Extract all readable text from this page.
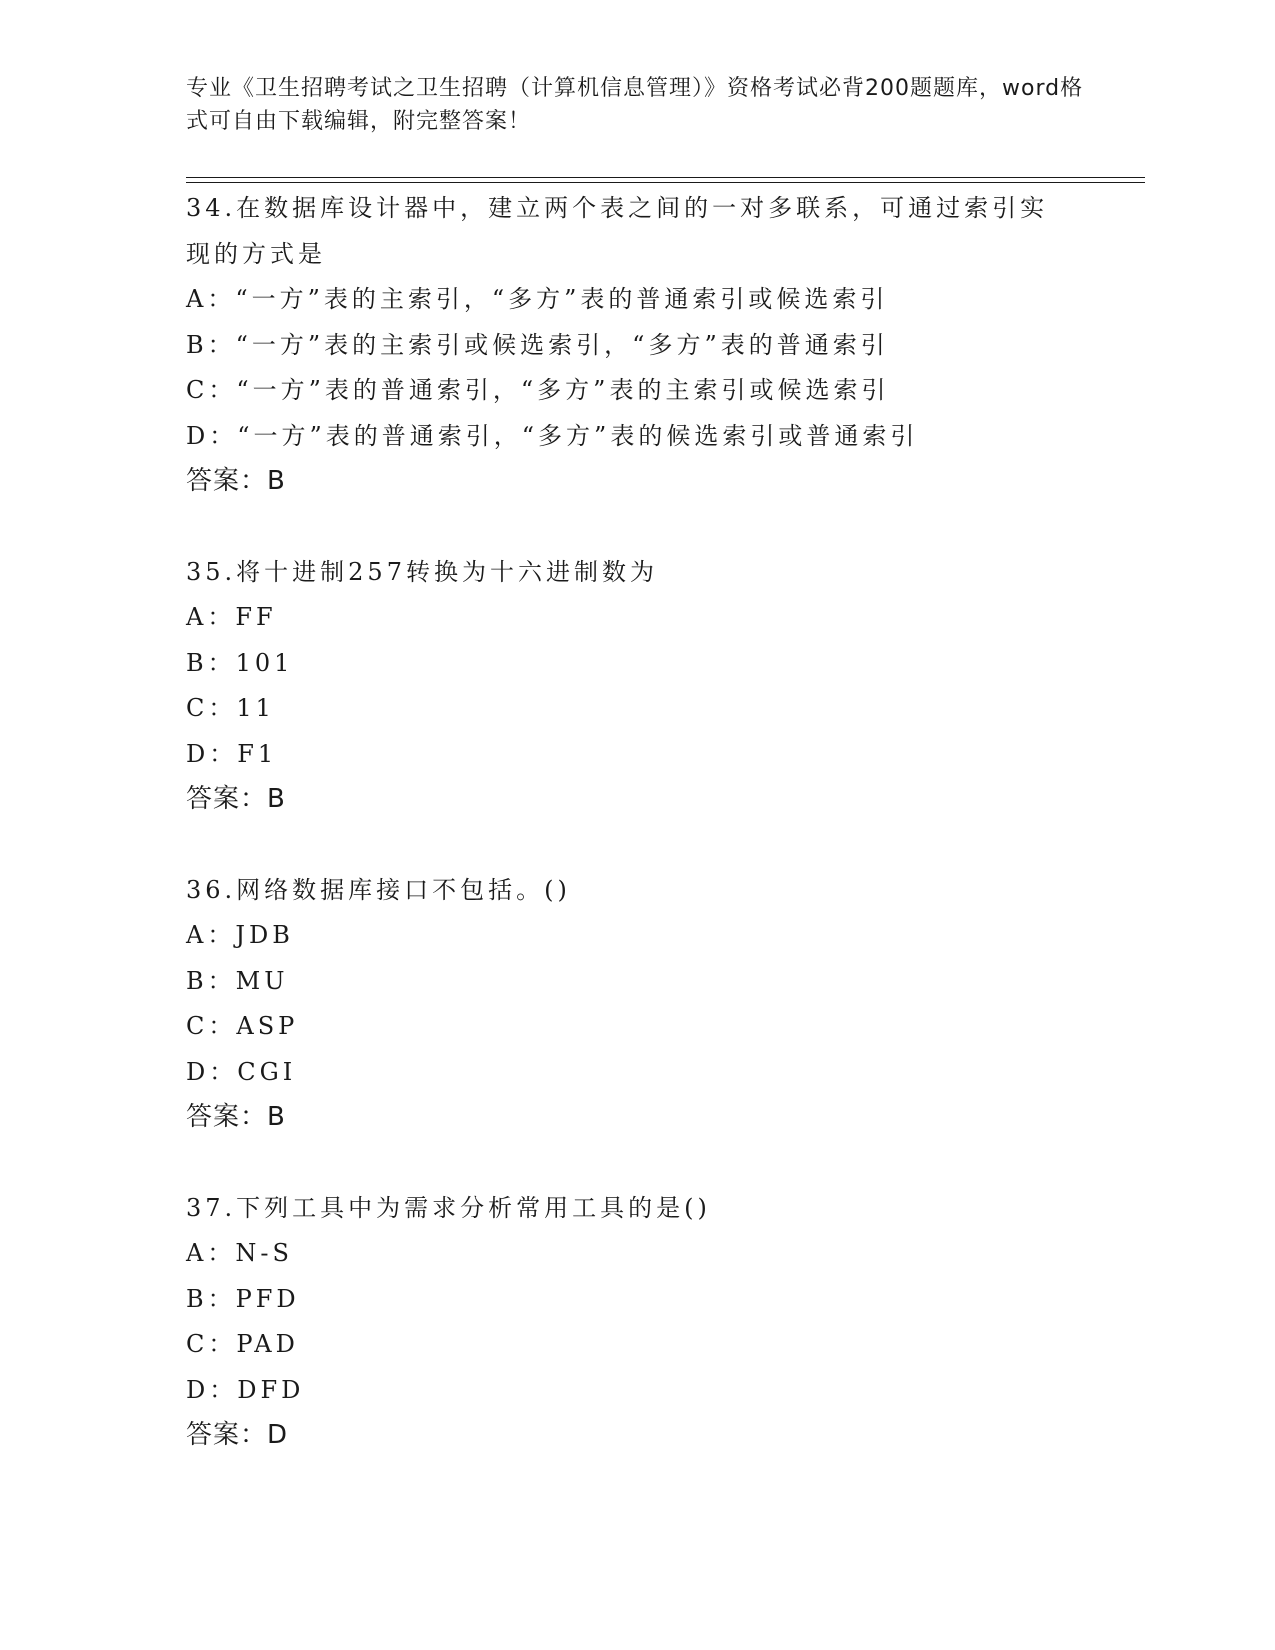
专业《卫生招聘考试之卫生招聘（计算机信息管理）》资格考试必背200题题库，word格式可自由下载编辑，附完整答案！
34.在数据库设计器中，建立两个表之间的一对多联系，可通过索引实现的方式是
A：“一方”表的主索引，“多方”表的普通索引或候选索引
B：“一方”表的主索引或候选索引，“多方”表的普通索引
C：“一方”表的普通索引，“多方”表的主索引或候选索引
D：“一方”表的普通索引，“多方”表的候选索引或普通索引
答案：B
35.将十进制257转换为十六进制数为
A：FF
B：101
C：11
D：F1
答案：B
36.网络数据库接口不包括。()
A：JDB
B：MU
C：ASP
D：CGI
答案：B
37.下列工具中为需求分析常用工具的是()
A：N-S
B：PFD
C：PAD
D：DFD
答案：D
